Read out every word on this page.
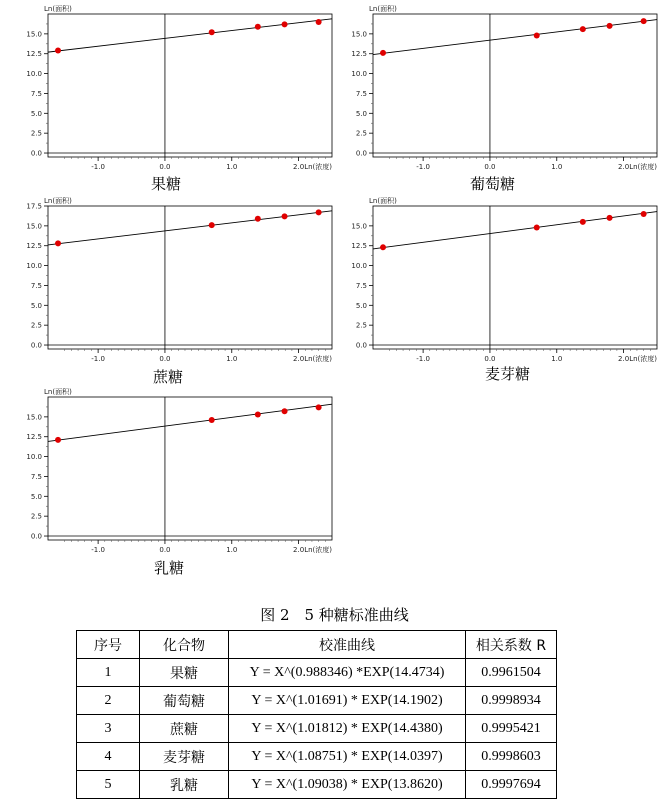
0.0
2.5
5.0
7.5
10.0
12.5
15.0
-1.0	0.0	1.0	2.0
Ln(面积)
Ln(浓度)
0.0
2.5
5.0
7.5
10.0
12.5
15.0
-1.0	0.0	1.0	2.0
Ln(面积)
Ln(浓度)
0.0
2.5
5.0
7.5
10.0
12.5
15.0
17.5
-1.0	0.0	1.0	2.0
Ln(面积)
Ln(浓度)
0.0
2.5
5.0
7.5
10.0
12.5
15.0
-1.0	0.0	1.0	2.0
Ln(面积)
Ln(浓度)
0.0
2.5
5.0
7.5
10.0
12.5
15.0
-1.0	0.0	1.0	2.0
Ln(面积)
Ln(浓度)
果糖	葡萄糖
蔗糖	麦芽糖
乳糖
图 2　5 种糖标准曲线
序号	化合物	校准曲线	相关系数 R
1	果糖	Y = X^(0.988346) *EXP(14.4734)	0.9961504
2	葡萄糖	Y = X^(1.01691) * EXP(14.1902)	0.9998934
3	蔗糖	Y = X^(1.01812) * EXP(14.4380)	0.9995421
4	麦芽糖	Y = X^(1.08751) * EXP(14.0397)	0.9998603
5	乳糖	Y = X^(1.09038) * EXP(13.8620)	0.9997694
